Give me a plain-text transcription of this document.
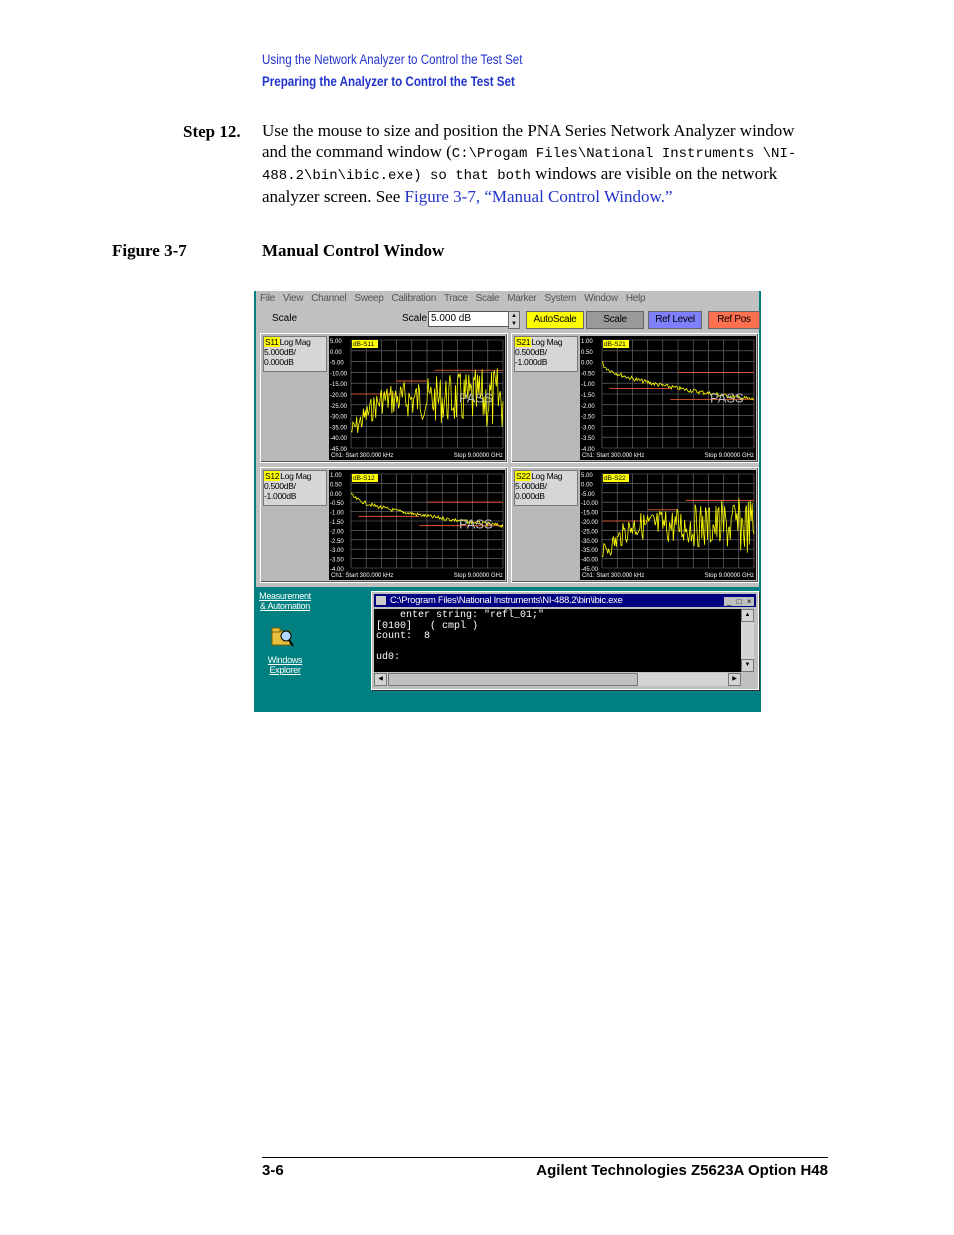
Using the Network Analyzer to Control the Test Set
Preparing the Analyzer to Control the Test Set
Step 12. Use the mouse to size and position the PNA Series Network Analyzer window and the command window (C:\Progam Files\National Instruments \NI-488.2\bin\ibic.exe) so that both windows are visible on the network analyzer screen. See Figure 3-7, “Manual Control Window.”
Figure 3-7	Manual Control Window
File View Channel Sweep Calibration Trace Scale Marker System Window Help
Scale	Scale 5.000 dB	▲
▼	AutoScale	Scale	Ref Level	Ref Pos
S11Log Mag
5.000dB/
0.000dB
5.00
0.00
-5.00
-10.00
-15.00
-20.00
-25.00
-30.00
-35.00
-40.00
-45.00
dB-S11
PASS
Ch1: Start 300.000 kHz	Stop 9.00000 GHz
S21Log Mag
0.500dB/
-1.000dB
1.00
0.50
0.00
-0.50
-1.00
-1.50
-2.00
-2.50
-3.00
-3.50
-4.00
dB-S21
PASS
Ch1: Start 300.000 kHz	Stop 9.00000 GHz
S12Log Mag
0.500dB/
-1.000dB
1.00
0.50
0.00
-0.50
-1.00
-1.50
-2.00
-2.50
-3.00
-3.50
-4.00
dB-S12
PASS
Ch1: Start 300.000 kHz	Stop 9.00000 GHz
S22Log Mag
5.000dB/
0.000dB
5.00
0.00
-5.00
-10.00
-15.00
-20.00
-25.00
-30.00
-35.00
-40.00
-45.00
dB-S22
Ch1: Start 300.000 kHz	Stop 9.00000 GHz
Measurement
& Automation
Windows
Explorer
C:\Program Files\National Instruments\NI-488.2\bin\ibic.exe	_ □ ×
enter string: "refl_01;"
[0100]   ( cmpl )
count:  8
ud0:
▲
▼
◀	▶
3-6	Agilent Technologies Z5623A Option H48
